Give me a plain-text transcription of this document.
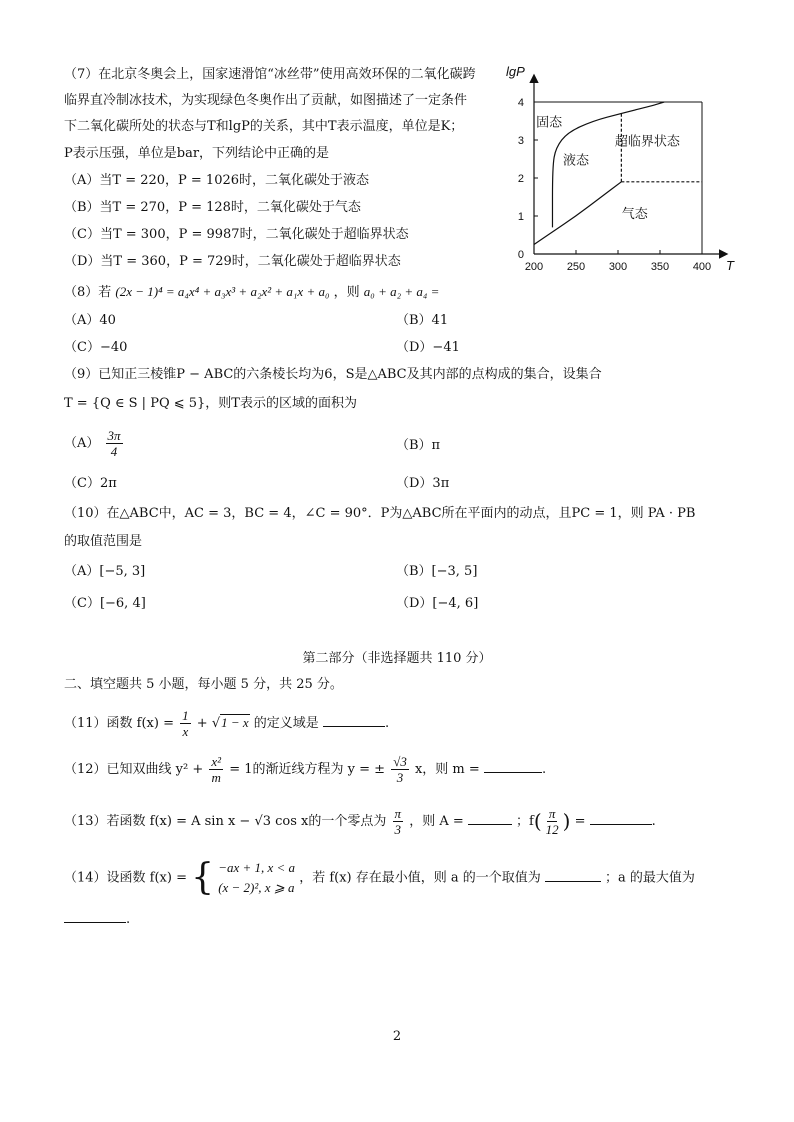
（7）在北京冬奥会上，国家速滑馆“冰丝带”使用高效环保的二氧化碳跨
临界直冷制冰技术，为实现绿色冬奥作出了贡献，如图描述了一定条件
下二氧化碳所处的状态与T和lgP的关系，其中T表示温度，单位是K；
P表示压强，单位是bar，下列结论中正确的是
（A）当T = 220，P = 1026时，二氧化碳处于液态
（B）当T = 270，P = 128时，二氧化碳处于气态
（C）当T = 300，P = 9987时，二氧化碳处于超临界状态
（D）当T = 360，P = 729时，二氧化碳处于超临界状态	200 250 300 350 400
0
1
2
3
4
lgP
T
固态
液态
超临界状态
气态
（8）若 (2x − 1)⁴ = a₄x⁴ + a₃x³ + a₂x² + a₁x + a₀ ，则 a₀ + a₂ + a₄ =
（A）40	（B）41
（C）−40	（D）−41
（9）已知正三棱锥P − ABC的六条棱长均为6，S是△ABC及其内部的点构成的集合，设集合
T = {Q ∈ S | PQ ⩽ 5}，则T表示的区域的面积为
$(A) \frac{3\pi}{4}$	（B）π
（C）2π	（D）3π
（10）在△ABC中，AC = 3，BC = 4，∠C = 90°．P为△ABC所在平面内的动点，且PC = 1，则 PA · PB
的取值范围是
（A）[−5, 3]	（B）[−3, 5]
（C）[−6, 4]	（D）[−4, 6]
第二部分（非选择题共 110 分）
二、填空题共 5 小题，每小题 5 分，共 25 分。
（11）函数 $f(x) = \frac{1}{x} + √1 - x$ 的定义域是	.
（12）已知双曲线 $y^2 + \frac{\text{x²}}{m} = 1$的渐近线方程为 y = ± $\frac{√3}{3}$ x，则 m =	.
（13）若函数 f(x) = A sin x − √3 cos x的一个零点为 $\frac{\pi}{3}$ ，则 A =	；$f( \frac{\pi}{12}$ ) =	.
（14）设函数 f(x) = { −ax + 1, x < a
(x − 2)², x ⩾ a
，若 f(x) 存在最小值，则 a 的一个取值为	；a 的最大值为
.
2
